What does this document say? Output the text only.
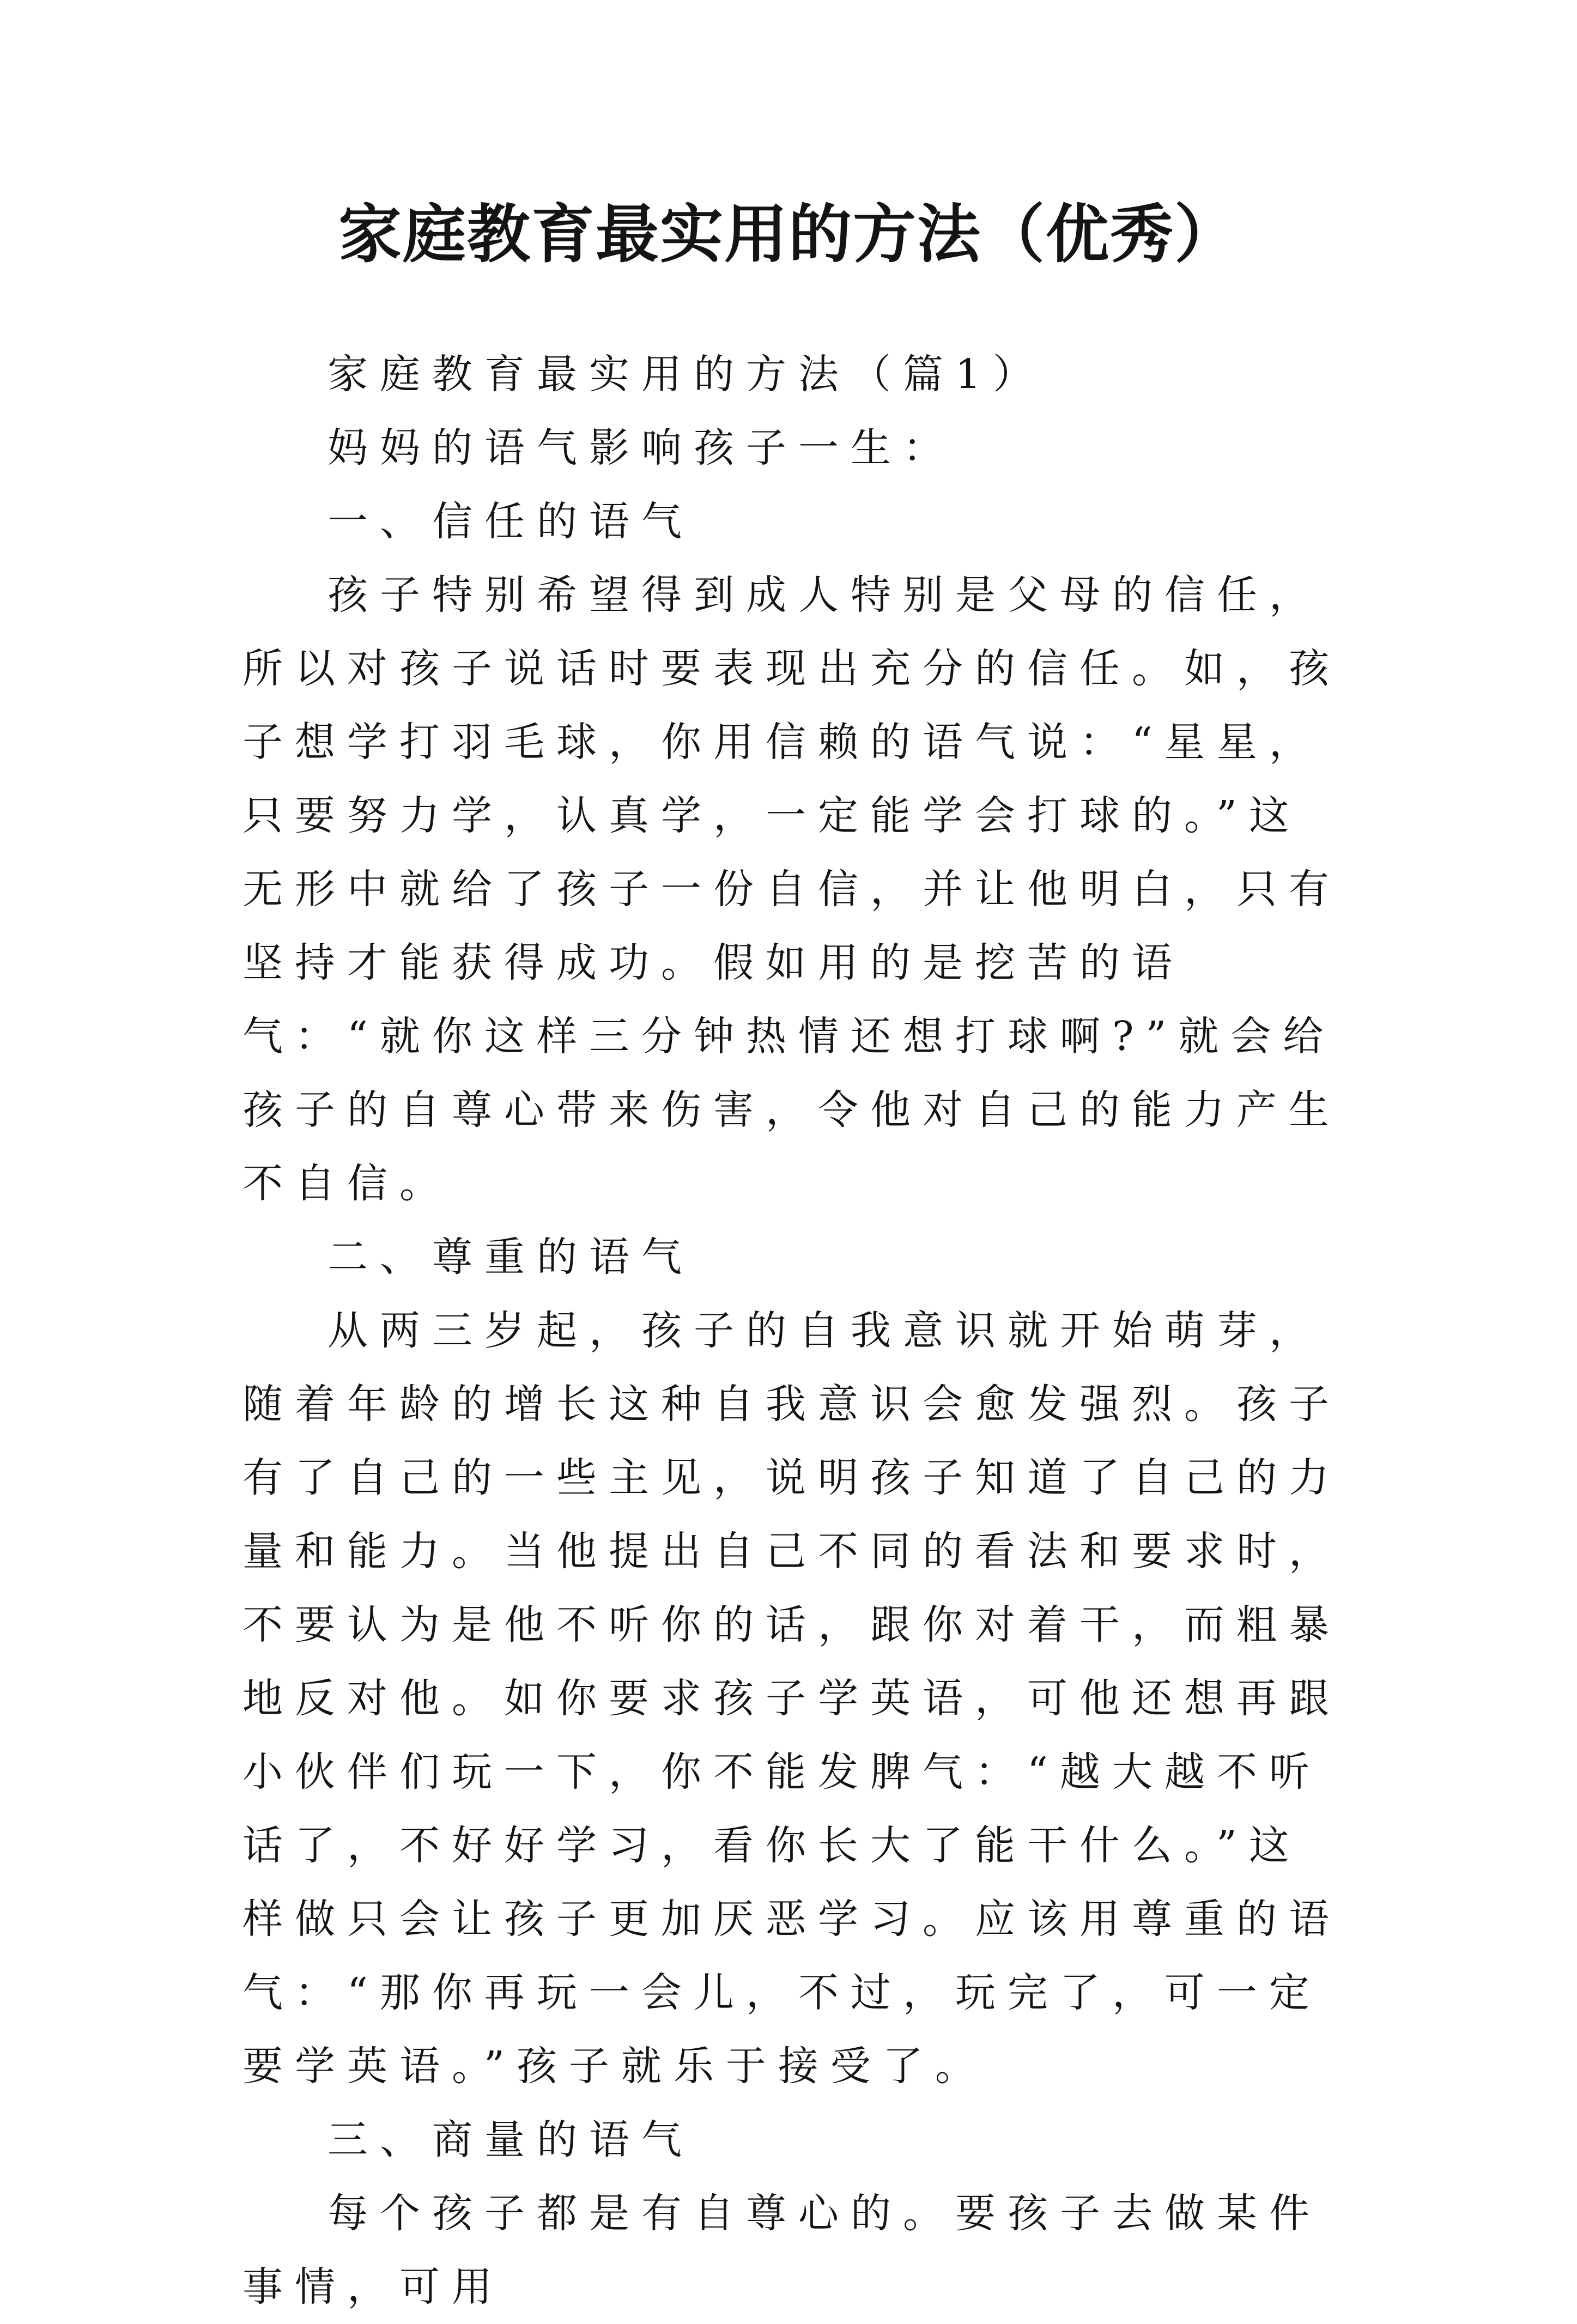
家庭教育最实用的方法（优秀）

家庭教育最实用的方法（篇1）

妈妈的语气影响孩子一生：

一、信任的语气

孩子特别希望得到成人特别是父母的信任，所以对孩子说话时要表现出充分的信任。如，孩子想学打羽毛球，你用信赖的语气说：“星星，只要努力学，认真学，一定能学会打球的。”这无形中就给了孩子一份自信，并让他明白，只有坚持才能获得成功。假如用的是挖苦的语气：“就你这样三分钟热情还想打球啊?”就会给孩子的自尊心带来伤害，令他对自己的能力产生不自信。

二、尊重的语气

从两三岁起，孩子的自我意识就开始萌芽，随着年龄的增长这种自我意识会愈发强烈。孩子有了自己的一些主见，说明孩子知道了自己的力量和能力。当他提出自己不同的看法和要求时，不要认为是他不听你的话，跟你对着干，而粗暴地反对他。如你要求孩子学英语，可他还想再跟小伙伴们玩一下，你不能发脾气：“越大越不听话了，不好好学习，看你长大了能干什么。”这样做只会让孩子更加厌恶学习。应该用尊重的语气：“那你再玩一会儿，不过，玩完了，可一定要学英语。”孩子就乐于接受了。

三、商量的语气

每个孩子都是有自尊心的。要孩子去做某件事情，可用
